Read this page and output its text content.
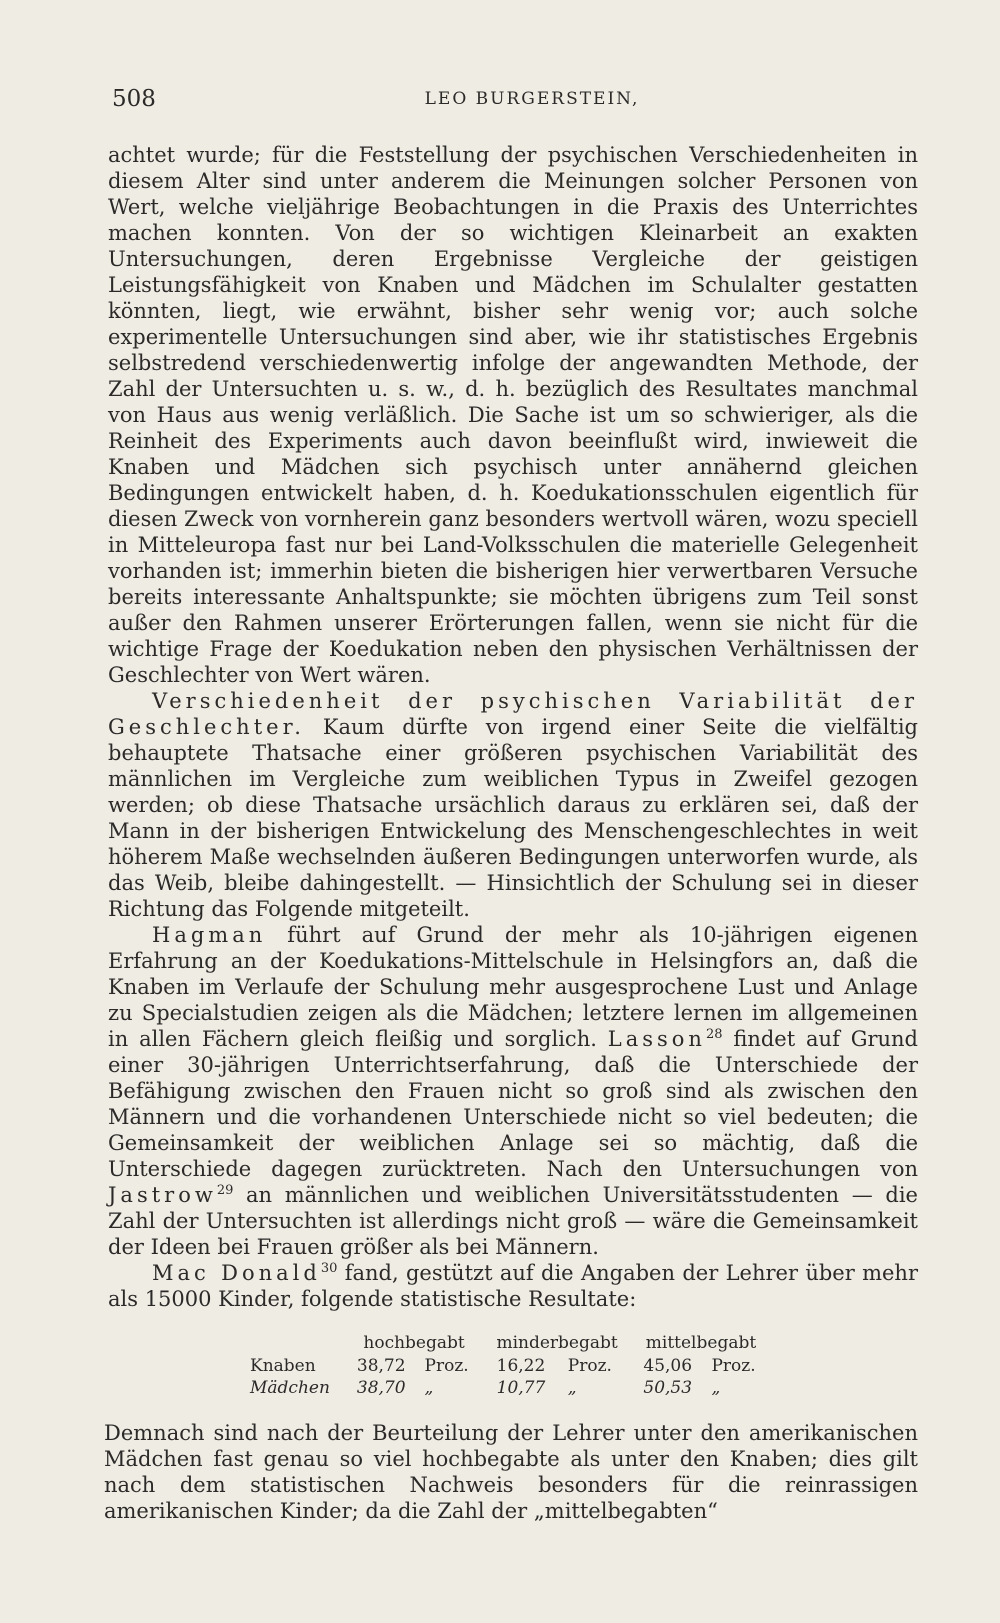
508	LEO BURGERSTEIN,

achtet wurde; für die Feststellung der psychischen Verschiedenheiten in diesem Alter sind unter anderem die Meinungen solcher Personen von Wert, welche vieljährige Beobachtungen in die Praxis des Unterrichtes machen konnten. Von der so wichtigen Kleinarbeit an exakten Untersuchungen, deren Ergebnisse Vergleiche der geistigen Leistungsfähigkeit von Knaben und Mädchen im Schulalter gestatten könnten, liegt, wie erwähnt, bisher sehr wenig vor; auch solche experimentelle Untersuchungen sind aber, wie ihr statistisches Ergebnis selbstredend verschiedenwertig infolge der angewandten Methode, der Zahl der Untersuchten u. s. w., d. h. bezüglich des Resultates manchmal von Haus aus wenig verläßlich. Die Sache ist um so schwieriger, als die Reinheit des Experiments auch davon beeinflußt wird, inwieweit die Knaben und Mädchen sich psychisch unter annähernd gleichen Bedingungen entwickelt haben, d. h. Koedukationsschulen eigentlich für diesen Zweck von vornherein ganz besonders wertvoll wären, wozu speciell in Mitteleuropa fast nur bei Land-Volksschulen die materielle Gelegenheit vorhanden ist; immerhin bieten die bisherigen hier verwertbaren Versuche bereits interessante Anhaltspunkte; sie möchten übrigens zum Teil sonst außer den Rahmen unserer Erörterungen fallen, wenn sie nicht für die wichtige Frage der Koedukation neben den physischen Verhältnissen der Geschlechter von Wert wären.

Verschiedenheit der psychischen Variabilität der Geschlechter. Kaum dürfte von irgend einer Seite die vielfältig behauptete Thatsache einer größeren psychischen Variabilität des männlichen im Vergleiche zum weiblichen Typus in Zweifel gezogen werden; ob diese Thatsache ursächlich daraus zu erklären sei, daß der Mann in der bisherigen Entwickelung des Menschengeschlechtes in weit höherem Maße wechselnden äußeren Bedingungen unterworfen wurde, als das Weib, bleibe dahingestellt. — Hinsichtlich der Schulung sei in dieser Richtung das Folgende mitgeteilt.

Hagman führt auf Grund der mehr als 10-jährigen eigenen Erfahrung an der Koedukations-Mittelschule in Helsingfors an, daß die Knaben im Verlaufe der Schulung mehr ausgesprochene Lust und Anlage zu Specialstudien zeigen als die Mädchen; letztere lernen im allgemeinen in allen Fächern gleich fleißig und sorglich. Lasson$^{28}$ findet auf Grund einer 30-jährigen Unterrichtserfahrung, daß die Unterschiede der Befähigung zwischen den Frauen nicht so groß sind als zwischen den Männern und die vorhandenen Unterschiede nicht so viel bedeuten; die Gemeinsamkeit der weiblichen Anlage sei so mächtig, daß die Unterschiede dagegen zurücktreten. Nach den Untersuchungen von Jastrow$^{29}$ an männlichen und weiblichen Universitätsstudenten — die Zahl der Untersuchten ist allerdings nicht groß — wäre die Gemeinsamkeit der Ideen bei Frauen größer als bei Männern.

Mac Donald$^{30}$ fand, gestützt auf die Angaben der Lehrer über mehr als 15000 Kinder, folgende statistische Resultate:

	hochbegabt		minderbegabt		mittelbegabt	
Knaben	38,72	Proz.	16,22	Proz.	45,06	Proz.
Mädchen	38,70	„	10,77	„	50,53	„

Demnach sind nach der Beurteilung der Lehrer unter den amerikanischen Mädchen fast genau so viel hochbegabte als unter den Knaben; dies gilt nach dem statistischen Nachweis besonders für die reinrassigen amerikanischen Kinder; da die Zahl der „mittelbegabten“
